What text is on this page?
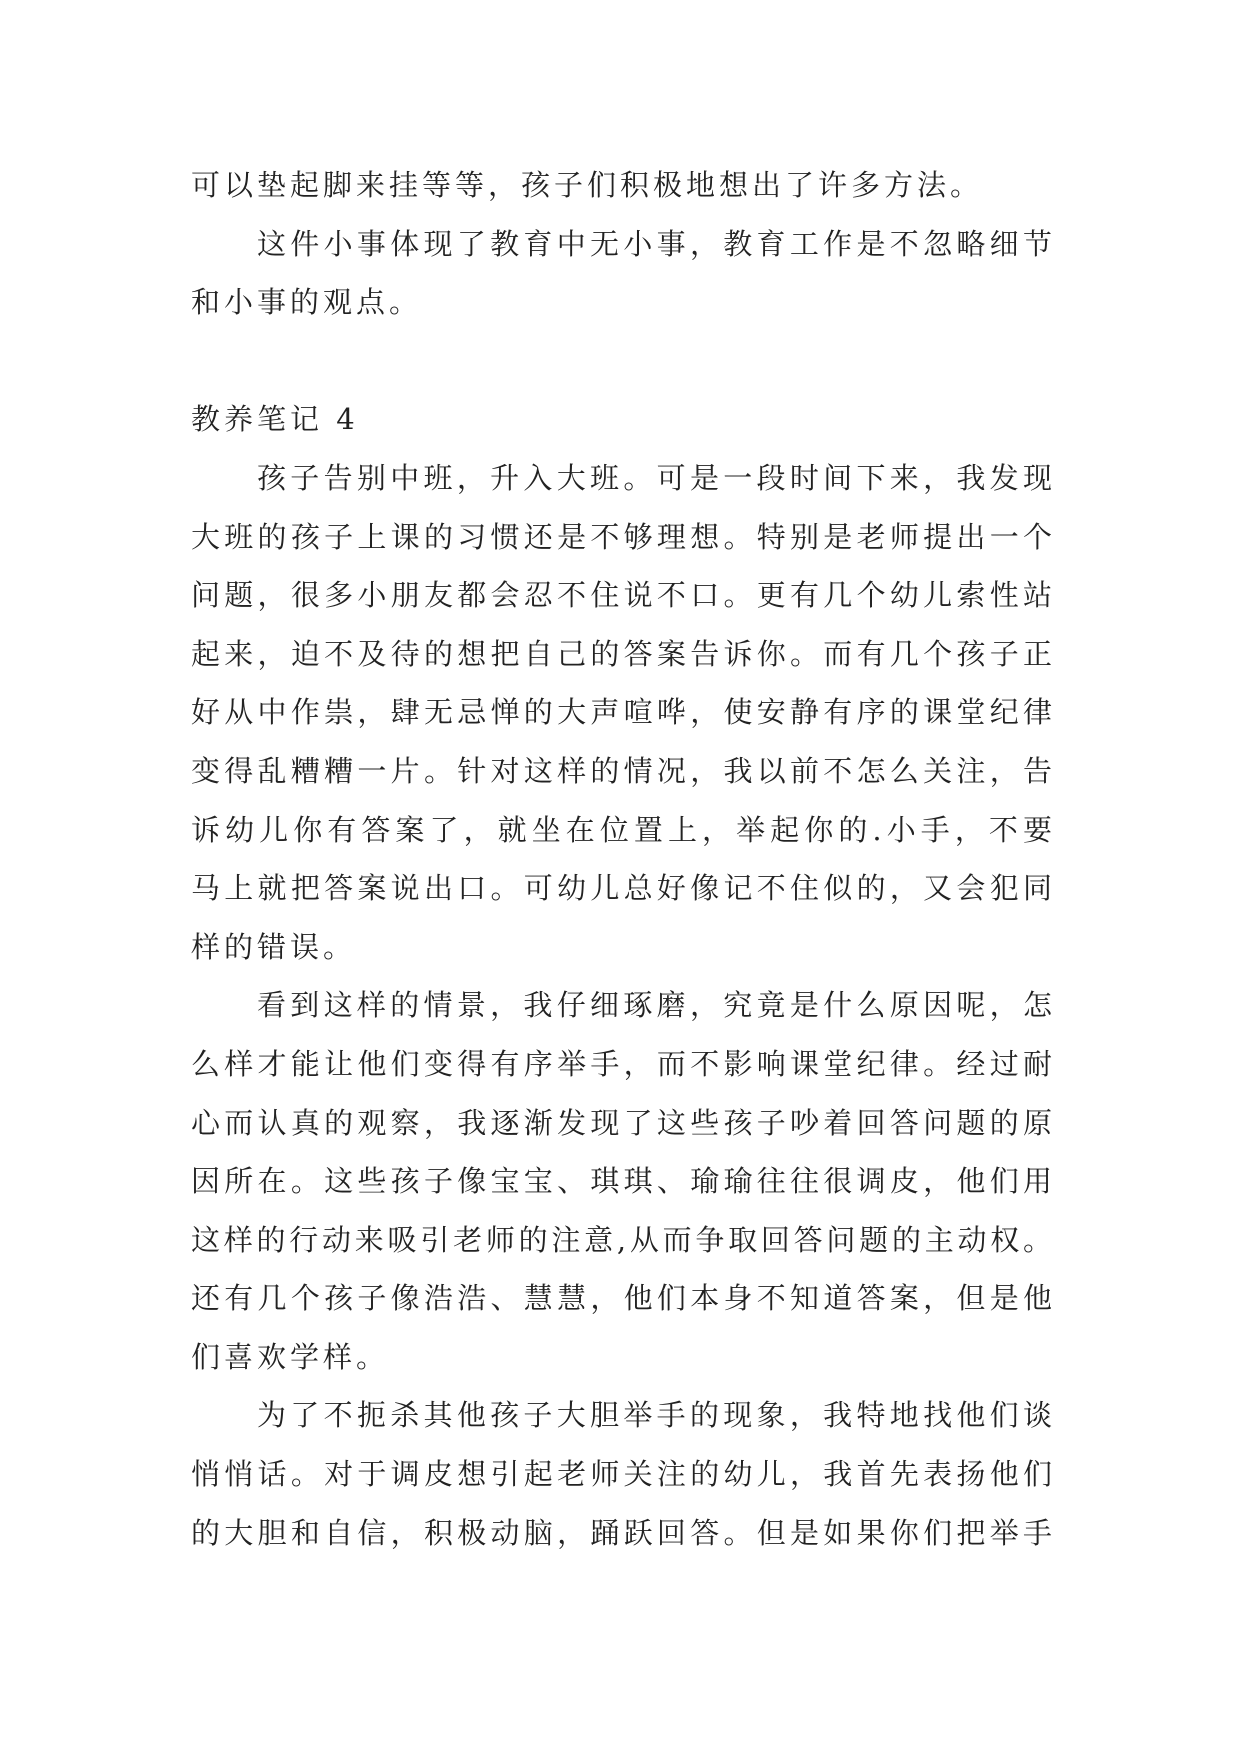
可以垫起脚来挂等等，孩子们积极地想出了许多方法。
这件小事体现了教育中无小事，教育工作是不忽略细节
和小事的观点。
教养笔记 4
孩子告别中班，升入大班。可是一段时间下来，我发现
大班的孩子上课的习惯还是不够理想。特别是老师提出一个
问题，很多小朋友都会忍不住说不口。更有几个幼儿索性站
起来，迫不及待的想把自己的答案告诉你。而有几个孩子正
好从中作祟，肆无忌惮的大声喧哗，使安静有序的课堂纪律
变得乱糟糟一片。针对这样的情况，我以前不怎么关注，告
诉幼儿你有答案了，就坐在位置上，举起你的.小手，不要
马上就把答案说出口。可幼儿总好像记不住似的，又会犯同
样的错误。
看到这样的情景，我仔细琢磨，究竟是什么原因呢，怎
么样才能让他们变得有序举手，而不影响课堂纪律。经过耐
心而认真的观察，我逐渐发现了这些孩子吵着回答问题的原
因所在。这些孩子像宝宝、琪琪、瑜瑜往往很调皮，他们用
这样的行动来吸引老师的注意,从而争取回答问题的主动权。
还有几个孩子像浩浩、慧慧，他们本身不知道答案，但是他
们喜欢学样。
为了不扼杀其他孩子大胆举手的现象，我特地找他们谈
悄悄话。对于调皮想引起老师关注的幼儿，我首先表扬他们
的大胆和自信，积极动脑，踊跃回答。但是如果你们把举手
